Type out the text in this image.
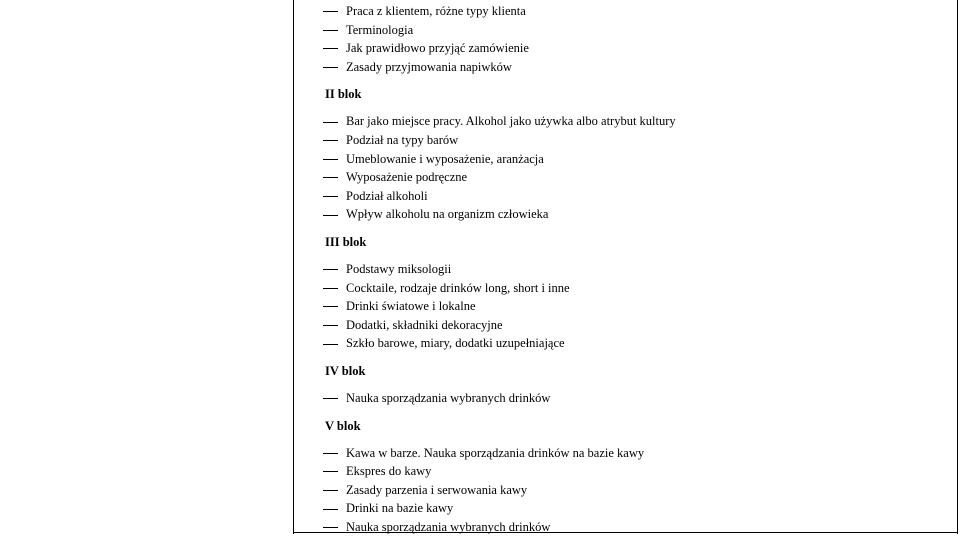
Praca z klientem, różne typy klienta
Terminologia
Jak prawidłowo przyjąć zamówienie
Zasady przyjmowania napiwków
II blok
Bar jako miejsce pracy. Alkohol jako używka albo atrybut kultury
Podział na typy barów
Umeblowanie i wyposażenie, aranżacja
Wyposażenie podręczne
Podział alkoholi
Wpływ alkoholu na organizm człowieka
III blok
Podstawy miksologii
Cocktaile, rodzaje drinków long, short i inne
Drinki światowe i lokalne
Dodatki, składniki dekoracyjne
Szkło barowe, miary, dodatki uzupełniające
IV blok
Nauka sporządzania wybranych drinków
V blok
Kawa w barze. Nauka sporządzania drinków na bazie kawy
Ekspres do kawy
Zasady parzenia i serwowania kawy
Drinki na bazie kawy
Nauka sporządzania wybranych drinków
